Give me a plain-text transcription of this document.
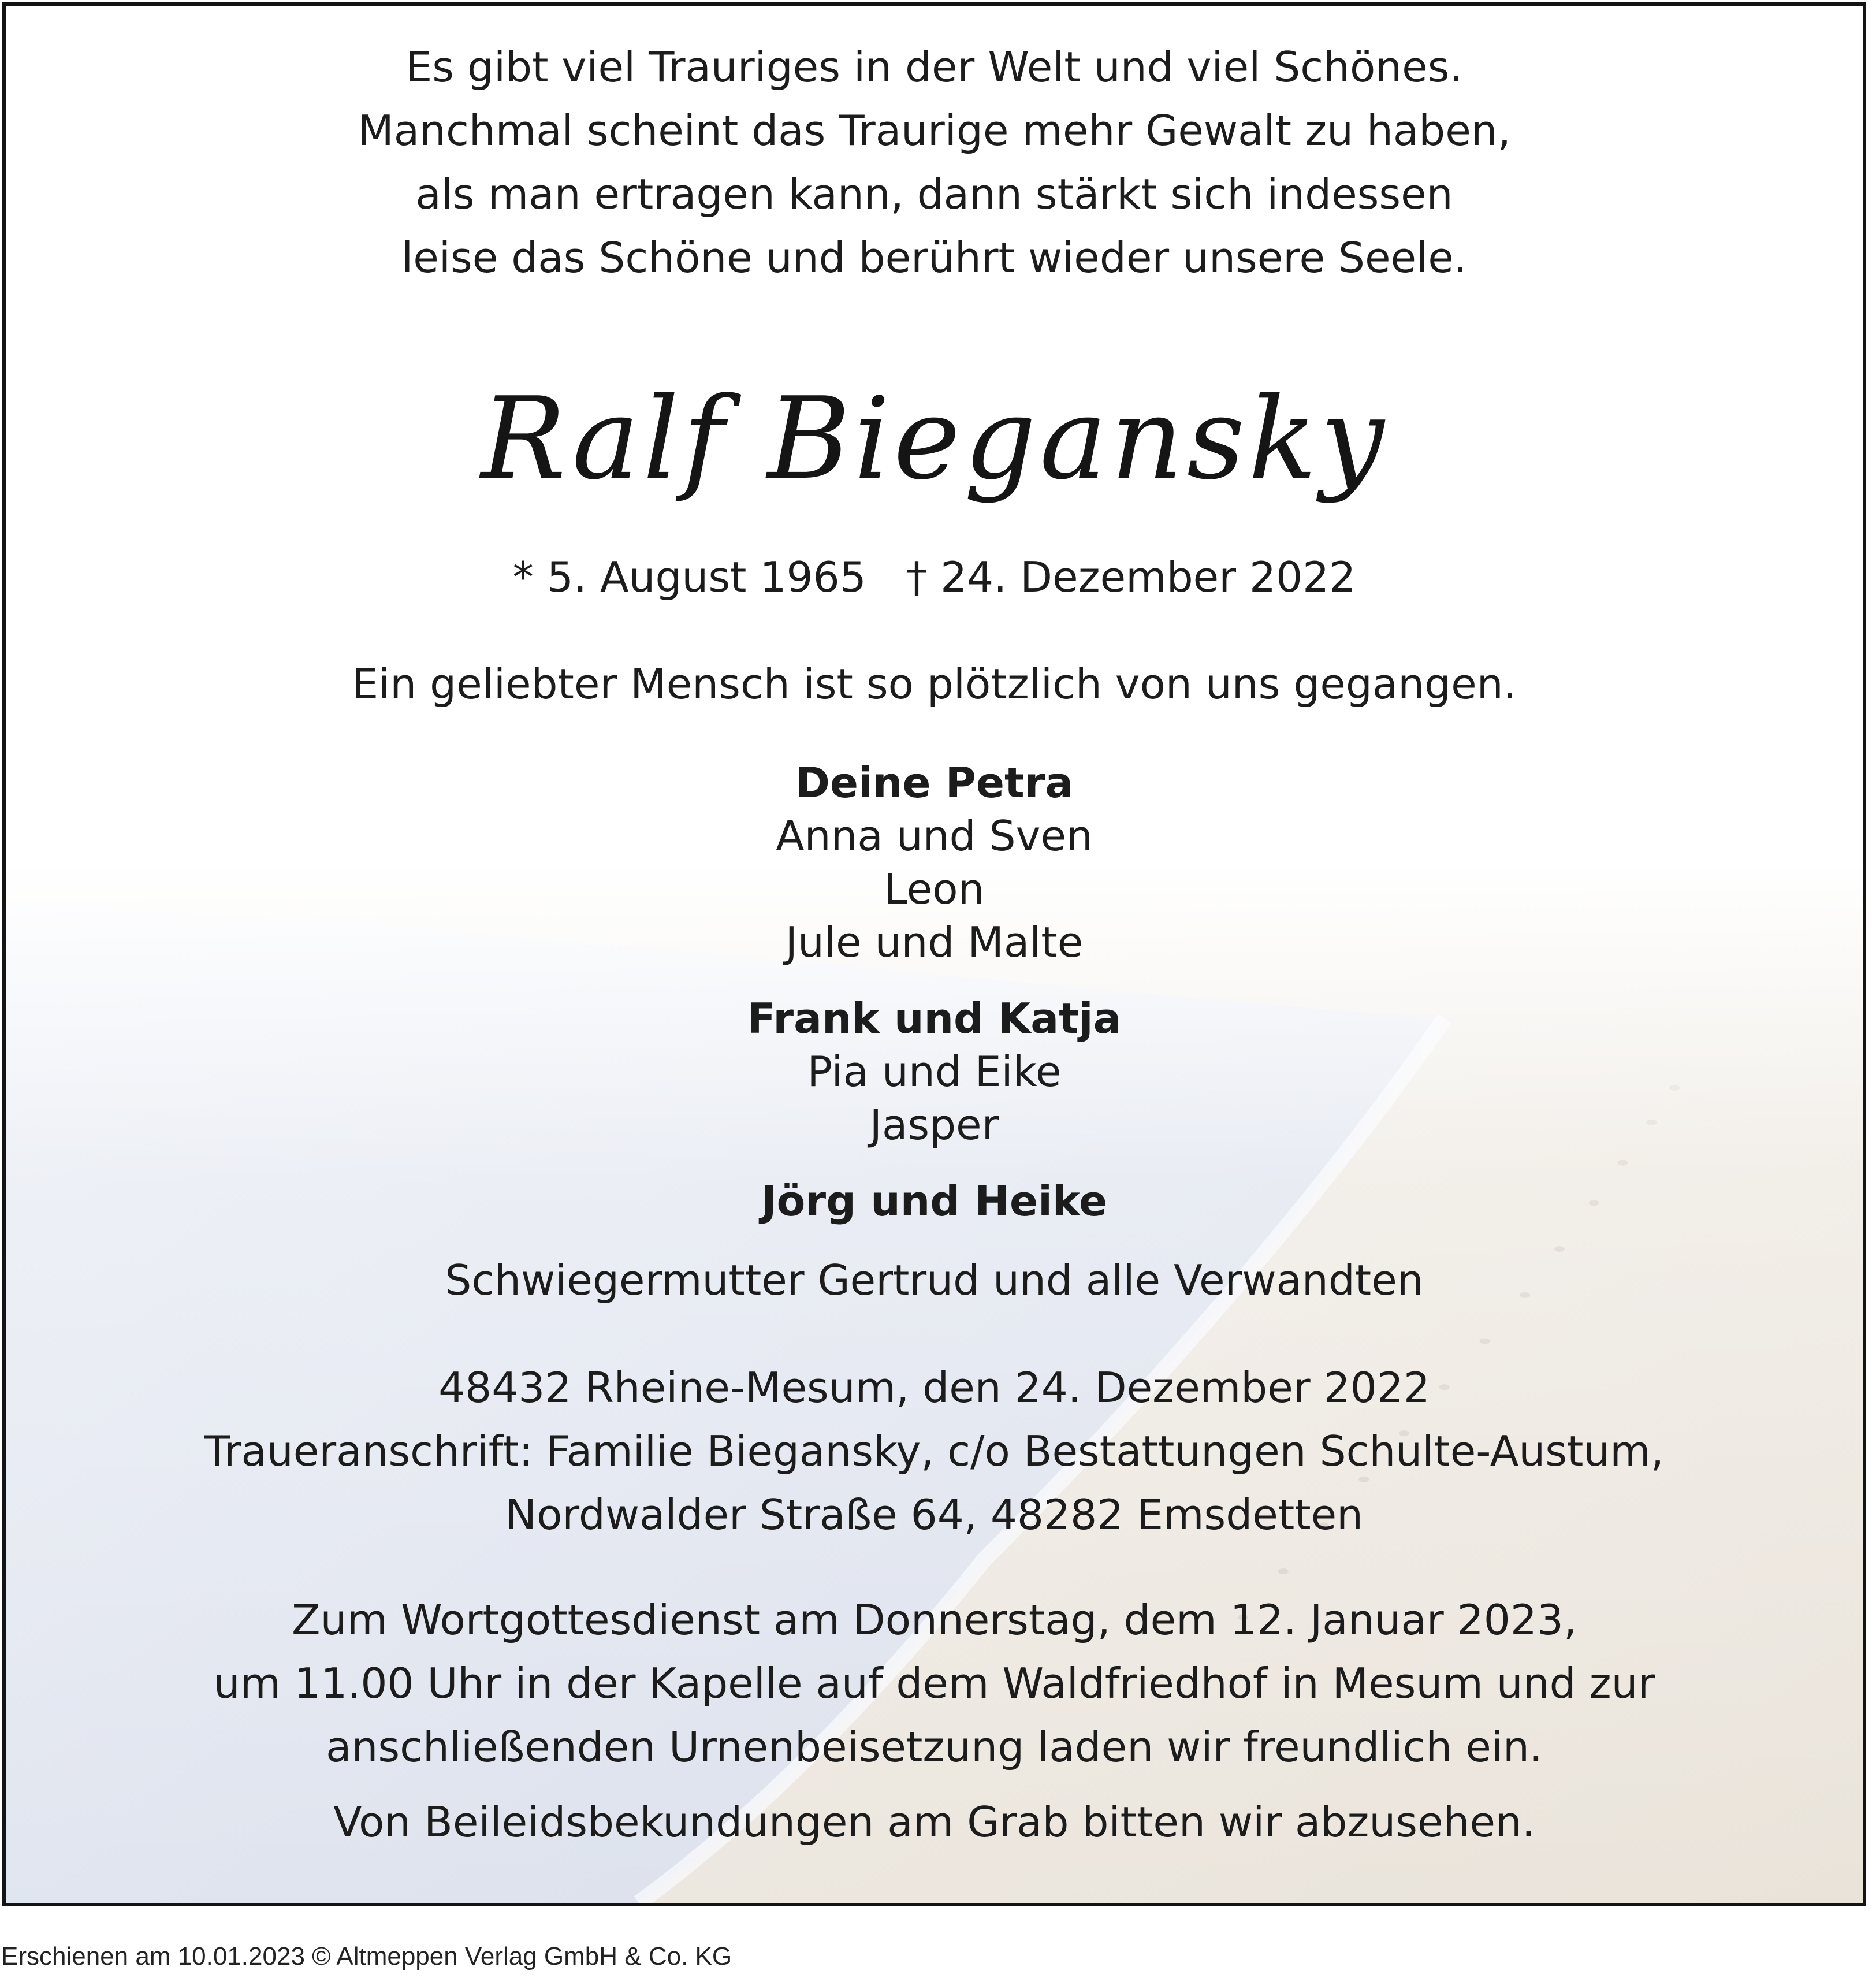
Es gibt viel Trauriges in der Welt und viel Schönes.
Manchmal scheint das Traurige mehr Gewalt zu haben,
als man ertragen kann, dann stärkt sich indessen
leise das Schöne und berührt wieder unsere Seele.
Ralf Biegansky
* 5. August 1965   † 24. Dezember 2022
Ein geliebter Mensch ist so plötzlich von uns gegangen.
Deine Petra
Anna und Sven
Leon
Jule und Malte
Frank und Katja
Pia und Eike
Jasper
Jörg und Heike
Schwiegermutter Gertrud und alle Verwandten
48432 Rheine-Mesum, den 24. Dezember 2022
Traueranschrift: Familie Biegansky, c/o Bestattungen Schulte-Austum,
Nordwalder Straße 64, 48282 Emsdetten
Zum Wortgottesdienst am Donnerstag, dem 12. Januar 2023,
um 11.00 Uhr in der Kapelle auf dem Waldfriedhof in Mesum und zur
anschließenden Urnenbeisetzung laden wir freundlich ein.
Von Beileidsbekundungen am Grab bitten wir abzusehen.
Erschienen am 10.01.2023 © Altmeppen Verlag GmbH & Co. KG
